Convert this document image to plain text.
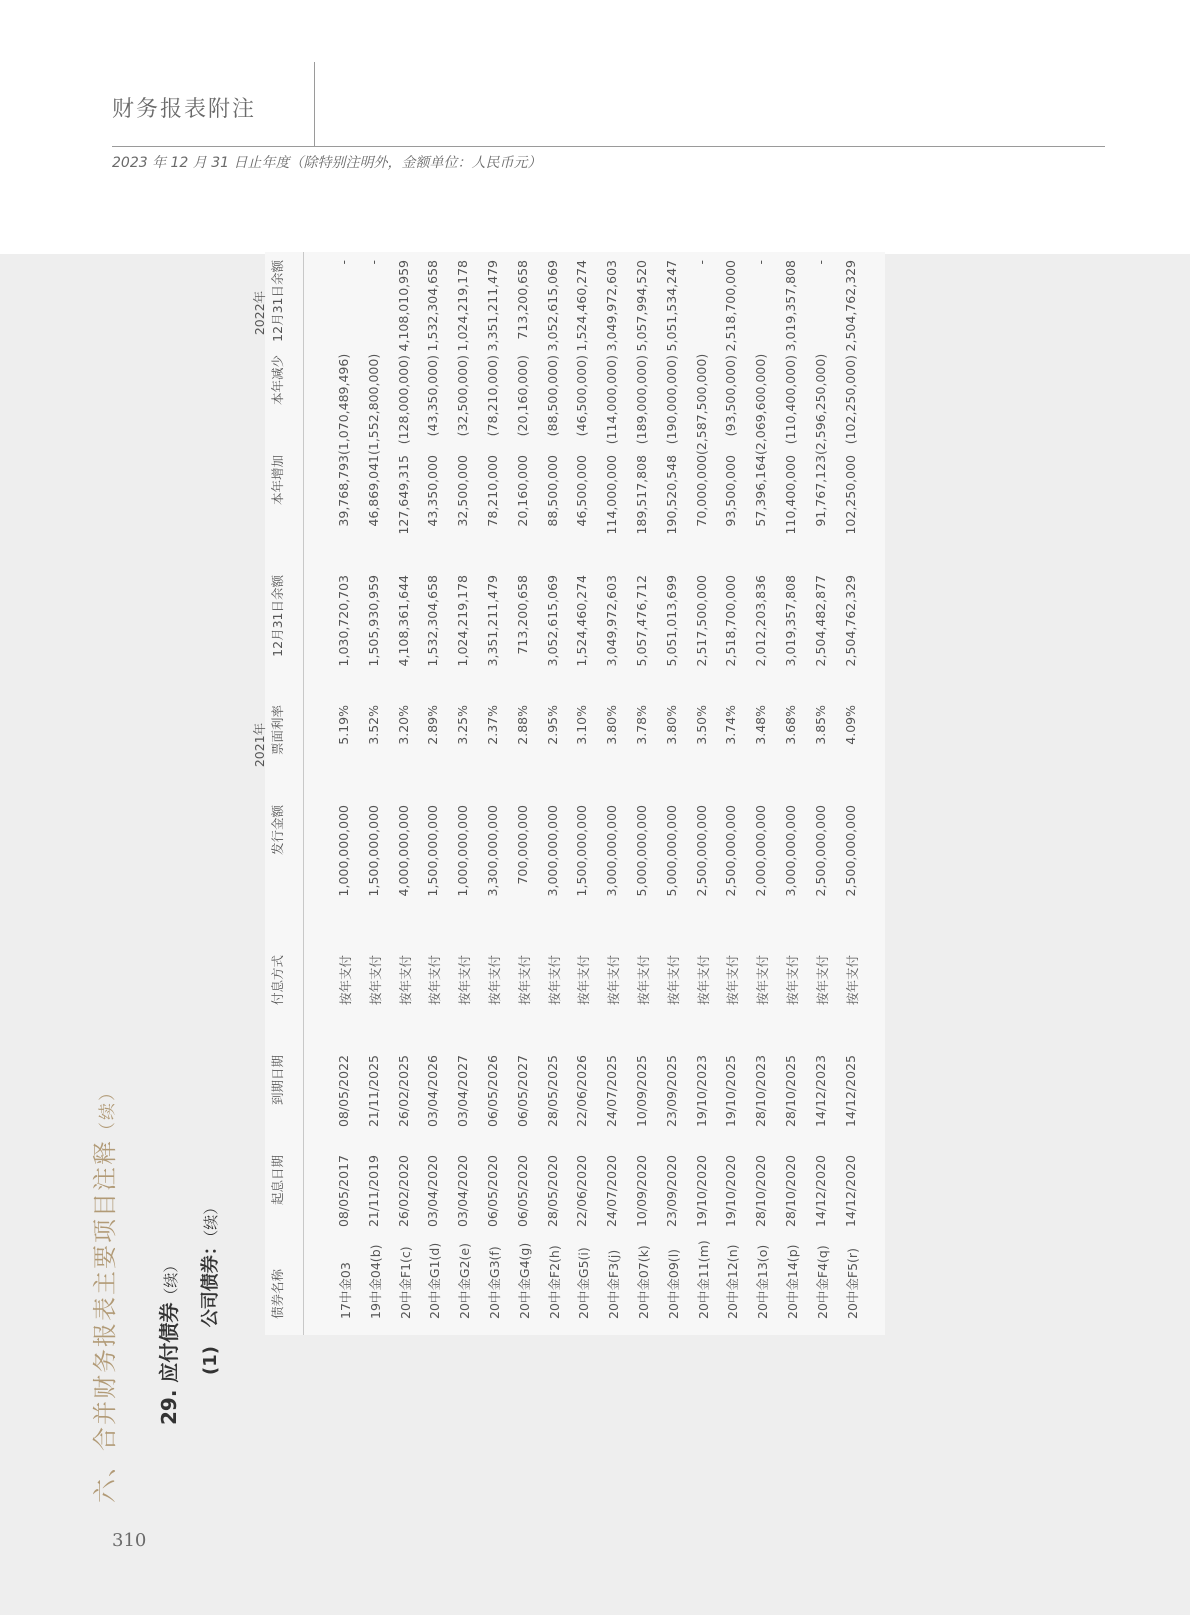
财务报表附注
2023 年 12 月 31 日止年度（除特别注明外，金额单位：人民币元）
310
六、合并财务报表主要项目注释（续）
29. 应付债券（续）
(1)   公司债券：（续）
2021年
2022年
债券名称
起息日期
到期日期
付息方式
发行金额
票面利率
12月31日余额
本年增加
本年减少
12月31日余额
17中金03
08/05/2017
08/05/2022
按年支付
1,000,000,000
5.19%
1,030,720,703
39,768,793
(1,070,489,496)
-
19中金04(b)
21/11/2019
21/11/2025
按年支付
1,500,000,000
3.52%
1,505,930,959
46,869,041
(1,552,800,000)
-
20中金F1(c)
26/02/2020
26/02/2025
按年支付
4,000,000,000
3.20%
4,108,361,644
127,649,315
(128,000,000)
4,108,010,959
20中金G1(d)
03/04/2020
03/04/2026
按年支付
1,500,000,000
2.89%
1,532,304,658
43,350,000
(43,350,000)
1,532,304,658
20中金G2(e)
03/04/2020
03/04/2027
按年支付
1,000,000,000
3.25%
1,024,219,178
32,500,000
(32,500,000)
1,024,219,178
20中金G3(f)
06/05/2020
06/05/2026
按年支付
3,300,000,000
2.37%
3,351,211,479
78,210,000
(78,210,000)
3,351,211,479
20中金G4(g)
06/05/2020
06/05/2027
按年支付
700,000,000
2.88%
713,200,658
20,160,000
(20,160,000)
713,200,658
20中金F2(h)
28/05/2020
28/05/2025
按年支付
3,000,000,000
2.95%
3,052,615,069
88,500,000
(88,500,000)
3,052,615,069
20中金G5(i)
22/06/2020
22/06/2026
按年支付
1,500,000,000
3.10%
1,524,460,274
46,500,000
(46,500,000)
1,524,460,274
20中金F3(j)
24/07/2020
24/07/2025
按年支付
3,000,000,000
3.80%
3,049,972,603
114,000,000
(114,000,000)
3,049,972,603
20中金07(k)
10/09/2020
10/09/2025
按年支付
5,000,000,000
3.78%
5,057,476,712
189,517,808
(189,000,000)
5,057,994,520
20中金09(l)
23/09/2020
23/09/2025
按年支付
5,000,000,000
3.80%
5,051,013,699
190,520,548
(190,000,000)
5,051,534,247
20中金11(m)
19/10/2020
19/10/2023
按年支付
2,500,000,000
3.50%
2,517,500,000
70,000,000
(2,587,500,000)
-
20中金12(n)
19/10/2020
19/10/2025
按年支付
2,500,000,000
3.74%
2,518,700,000
93,500,000
(93,500,000)
2,518,700,000
20中金13(o)
28/10/2020
28/10/2023
按年支付
2,000,000,000
3.48%
2,012,203,836
57,396,164
(2,069,600,000)
-
20中金14(p)
28/10/2020
28/10/2025
按年支付
3,000,000,000
3.68%
3,019,357,808
110,400,000
(110,400,000)
3,019,357,808
20中金F4(q)
14/12/2020
14/12/2023
按年支付
2,500,000,000
3.85%
2,504,482,877
91,767,123
(2,596,250,000)
-
20中金F5(r)
14/12/2020
14/12/2025
按年支付
2,500,000,000
4.09%
2,504,762,329
102,250,000
(102,250,000)
2,504,762,329
